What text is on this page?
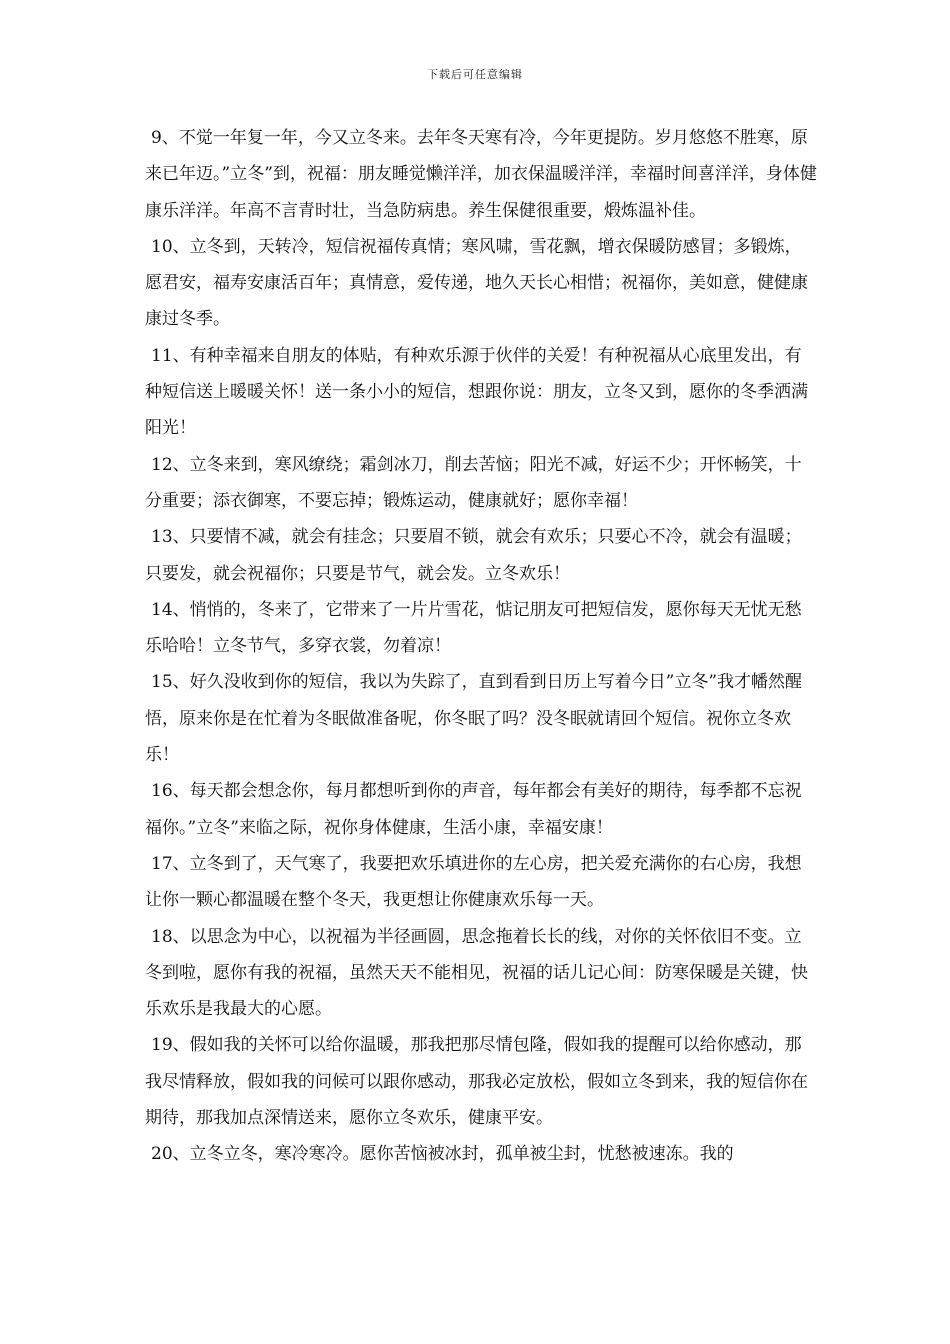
下载后可任意编辑

9、不觉一年复一年，今又立冬来。去年冬天寒有冷，今年更提防。岁月悠悠不胜寒，原来已年迈。”立冬”到，祝福：朋友睡觉懒洋洋，加衣保温暖洋洋，幸福时间喜洋洋，身体健康乐洋洋。年高不言青时壮，当急防病患。养生保健很重要，煅炼温补佳。

10、立冬到，天转冷，短信祝福传真情；寒风啸，雪花飘，增衣保暖防感冒；多锻炼，愿君安，福寿安康活百年；真情意，爱传递，地久天长心相惜；祝福你，美如意，健健康康过冬季。

11、有种幸福来自朋友的体贴，有种欢乐源于伙伴的关爱！有种祝福从心底里发出，有种短信送上暖暖关怀！送一条小小的短信，想跟你说：朋友，立冬又到，愿你的冬季洒满阳光！

12、立冬来到，寒风缭绕；霜剑冰刀，削去苦恼；阳光不减，好运不少；开怀畅笑，十分重要；添衣御寒，不要忘掉；锻炼运动，健康就好；愿你幸福！

13、只要情不减，就会有挂念；只要眉不锁，就会有欢乐；只要心不冷，就会有温暖；只要发，就会祝福你；只要是节气，就会发。立冬欢乐！

14、悄悄的，冬来了，它带来了一片片雪花，惦记朋友可把短信发，愿你每天无忧无愁乐哈哈！立冬节气，多穿衣裳，勿着凉！

15、好久没收到你的短信，我以为失踪了，直到看到日历上写着今日”立冬”我才幡然醒悟，原来你是在忙着为冬眠做准备呢，你冬眠了吗？没冬眠就请回个短信。祝你立冬欢乐！

16、每天都会想念你，每月都想听到你的声音，每年都会有美好的期待，每季都不忘祝福你。”立冬”来临之际，祝你身体健康，生活小康，幸福安康！

17、立冬到了，天气寒了，我要把欢乐填进你的左心房，把关爱充满你的右心房，我想让你一颗心都温暖在整个冬天，我更想让你健康欢乐每一天。

18、以思念为中心，以祝福为半径画圆，思念拖着长长的线，对你的关怀依旧不变。立冬到啦，愿你有我的祝福，虽然天天不能相见，祝福的话儿记心间：防寒保暖是关键，快乐欢乐是我最大的心愿。

19、假如我的关怀可以给你温暖，那我把那尽情包隆，假如我的提醒可以给你感动，那我尽情释放，假如我的问候可以跟你感动，那我必定放松，假如立冬到来，我的短信你在期待，那我加点深情送来，愿你立冬欢乐，健康平安。

20、立冬立冬，寒冷寒冷。愿你苦恼被冰封，孤单被尘封，忧愁被速冻。我的
